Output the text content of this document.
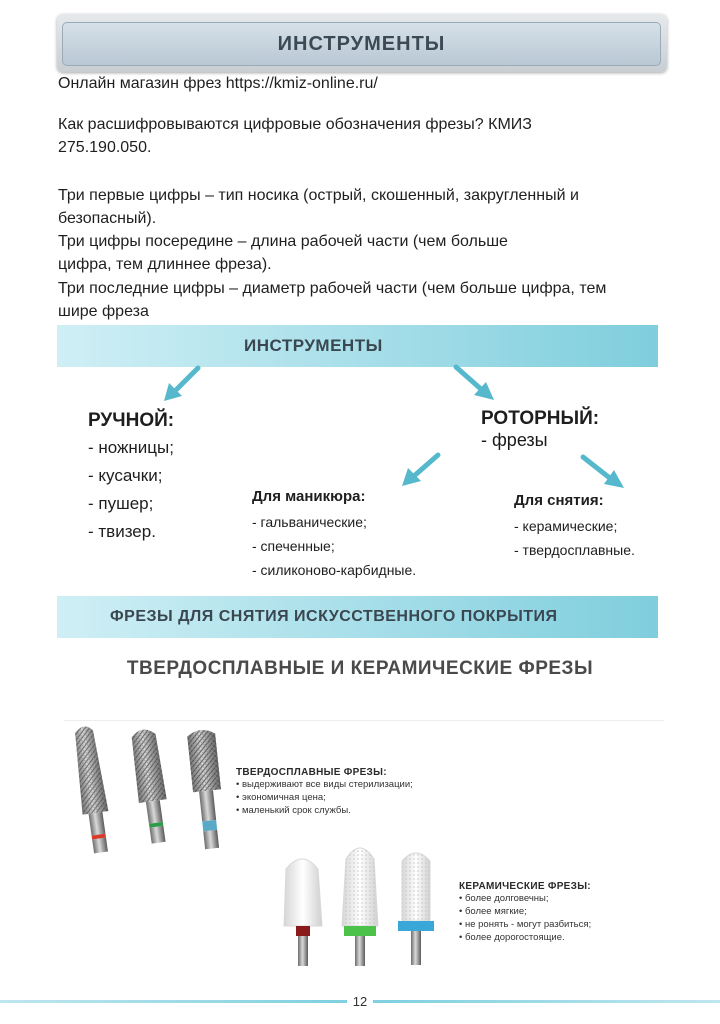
ИНСТРУМЕНТЫ
Онлайн магазин фрез https://kmiz-online.ru/
Как расшифровываются цифровые обозначения фрезы? КМИЗ
275.190.050.
Три первые цифры – тип носика (острый, скошенный, закругленный и
безопасный).
Три цифры посередине – длина рабочей части (чем больше
цифра, тем длиннее фреза).
Три последние цифры – диаметр рабочей части (чем больше цифра, тем
шире фреза
ИНСТРУМЕНТЫ
РУЧНОЙ:
- ножницы;
- кусачки;
- пушер;
- твизер.
РОТОРНЫЙ:
- фрезы
Для маникюра:
- гальванические;
- спеченные;
- силиконово-карбидные.
Для снятия:
- керамические;
- твердосплавные.
ФРЕЗЫ ДЛЯ СНЯТИЯ ИСКУССТВЕННОГО ПОКРЫТИЯ
ТВЕРДОСПЛАВНЫЕ И КЕРАМИЧЕСКИЕ ФРЕЗЫ
ТВЕРДОСПЛАВНЫЕ ФРЕЗЫ:
• выдерживают все виды стерилизации;
• экономичная цена;
• маленький срок службы.
КЕРАМИЧЕСКИЕ ФРЕЗЫ:
• более долговечны;
• более мягкие;
• не ронять - могут разбиться;
• более дорогостоящие.
12
